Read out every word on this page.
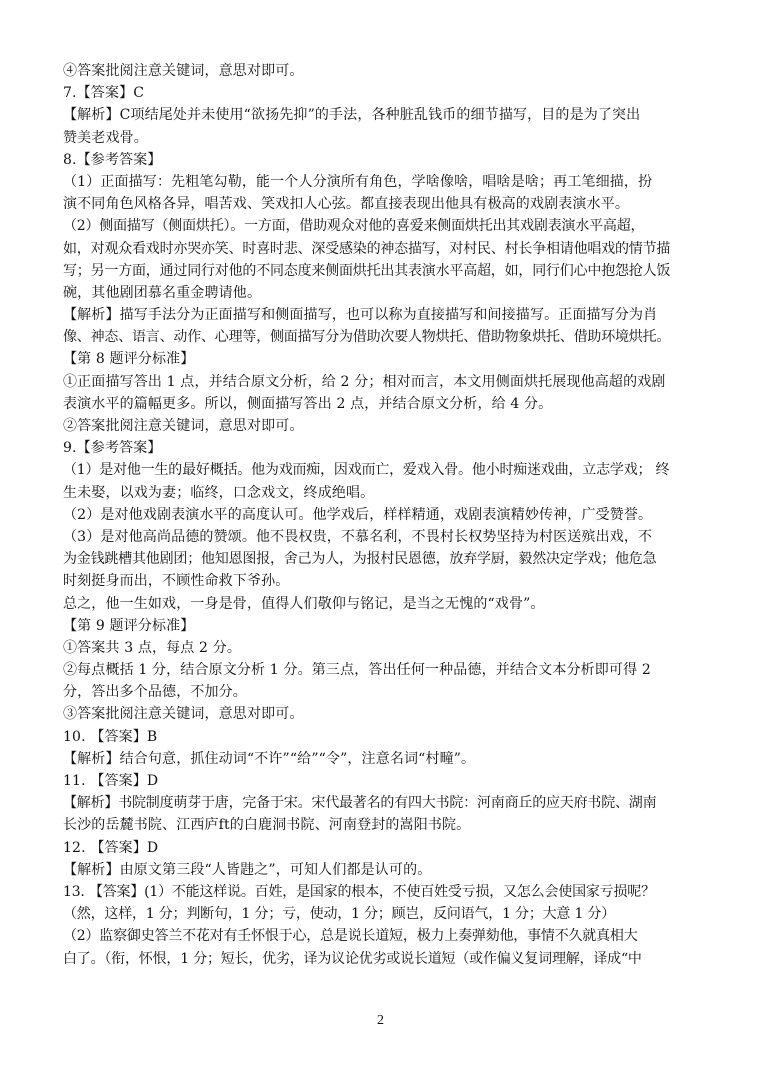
④答案批阅注意关键词，意思对即可。
7.【答案】C
【解析】C项结尾处并未使用“欲扬先抑”的手法，各种脏乱钱币的细节描写，目的是为了突出
赞美老戏骨。
8.【参考答案】
（1）正面描写：先粗笔勾勒，能一个人分演所有角色，学啥像啥，唱啥是啥；再工笔细描，扮
演不同角色风格各异，唱苦戏、笑戏扣人心弦。都直接表现出他具有极高的戏剧表演水平。
（2）侧面描写（侧面烘托）。一方面，借助观众对他的喜爱来侧面烘托出其戏剧表演水平高超，
如，对观众看戏时亦哭亦笑、时喜时悲、深受感染的神态描写，对村民、村长争相请他唱戏的情节描
写；另一方面，通过同行对他的不同态度来侧面烘托出其表演水平高超，如，同行们心中抱怨抢人饭
碗，其他剧团慕名重金聘请他。
【解析】描写手法分为正面描写和侧面描写，也可以称为直接描写和间接描写。正面描写分为肖
像、神态、语言、动作、心理等，侧面描写分为借助次要人物烘托、借助物象烘托、借助环境烘托。
【第 8 题评分标准】
①正面描写答出 1 点，并结合原文分析，给 2 分；相对而言，本文用侧面烘托展现他高超的戏剧
表演水平的篇幅更多。所以，侧面描写答出 2 点，并结合原文分析，给 4 分。
②答案批阅注意关键词，意思对即可。
9.【参考答案】
（1）是对他一生的最好概括。他为戏而痴，因戏而亡，爱戏入骨。他小时痴迷戏曲，立志学戏； 终
生未娶，以戏为妻；临终，口念戏文，终成绝唱。
（2）是对他戏剧表演水平的高度认可。他学戏后，样样精通，戏剧表演精妙传神，广受赞誉。
（3）是对他高尚品德的赞颂。他不畏权贵，不慕名利，不畏村长权势坚持为村医送殡出戏，不
为金钱跳槽其他剧团；他知恩图报，舍己为人，为报村民恩德，放弃学厨，毅然决定学戏；他危急
时刻挺身而出，不顾性命救下爷孙。
总之，他一生如戏，一身是骨，值得人们敬仰与铭记，是当之无愧的“戏骨”。
【第 9 题评分标准】
①答案共 3 点，每点 2 分。
②每点概括 1 分，结合原文分析 1 分。第三点，答出任何一种品德，并结合文本分析即可得 2
分，答出多个品德，不加分。
③答案批阅注意关键词，意思对即可。
10. 【答案】B
【解析】结合句意，抓住动词“不许”“给”“令”，注意名词“村疃”。
11. 【答案】D
【解析】书院制度萌芽于唐，完备于宋。宋代最著名的有四大书院：河南商丘的应天府书院、湖南
长沙的岳麓书院、江西庐ft的白鹿洞书院、河南登封的嵩阳书院。
12. 【答案】D
【解析】由原文第三段“人皆韪之”，可知人们都是认可的。
13. 【答案】(1）不能这样说。百姓，是国家的根本，不使百姓受亏损，又怎么会使国家亏损呢？
（然，这样，1 分；判断句，1 分；亏，使动，1 分；顾岂，反问语气，1 分；大意 1 分）
（2）监察御史答兰不花对有壬怀恨于心，总是说长道短，极力上奏弹劾他，事情不久就真相大
白了。（衔，怀恨，1 分；短长，优劣，译为议论优劣或说长道短（或作偏义复词理解，译成“中
2
